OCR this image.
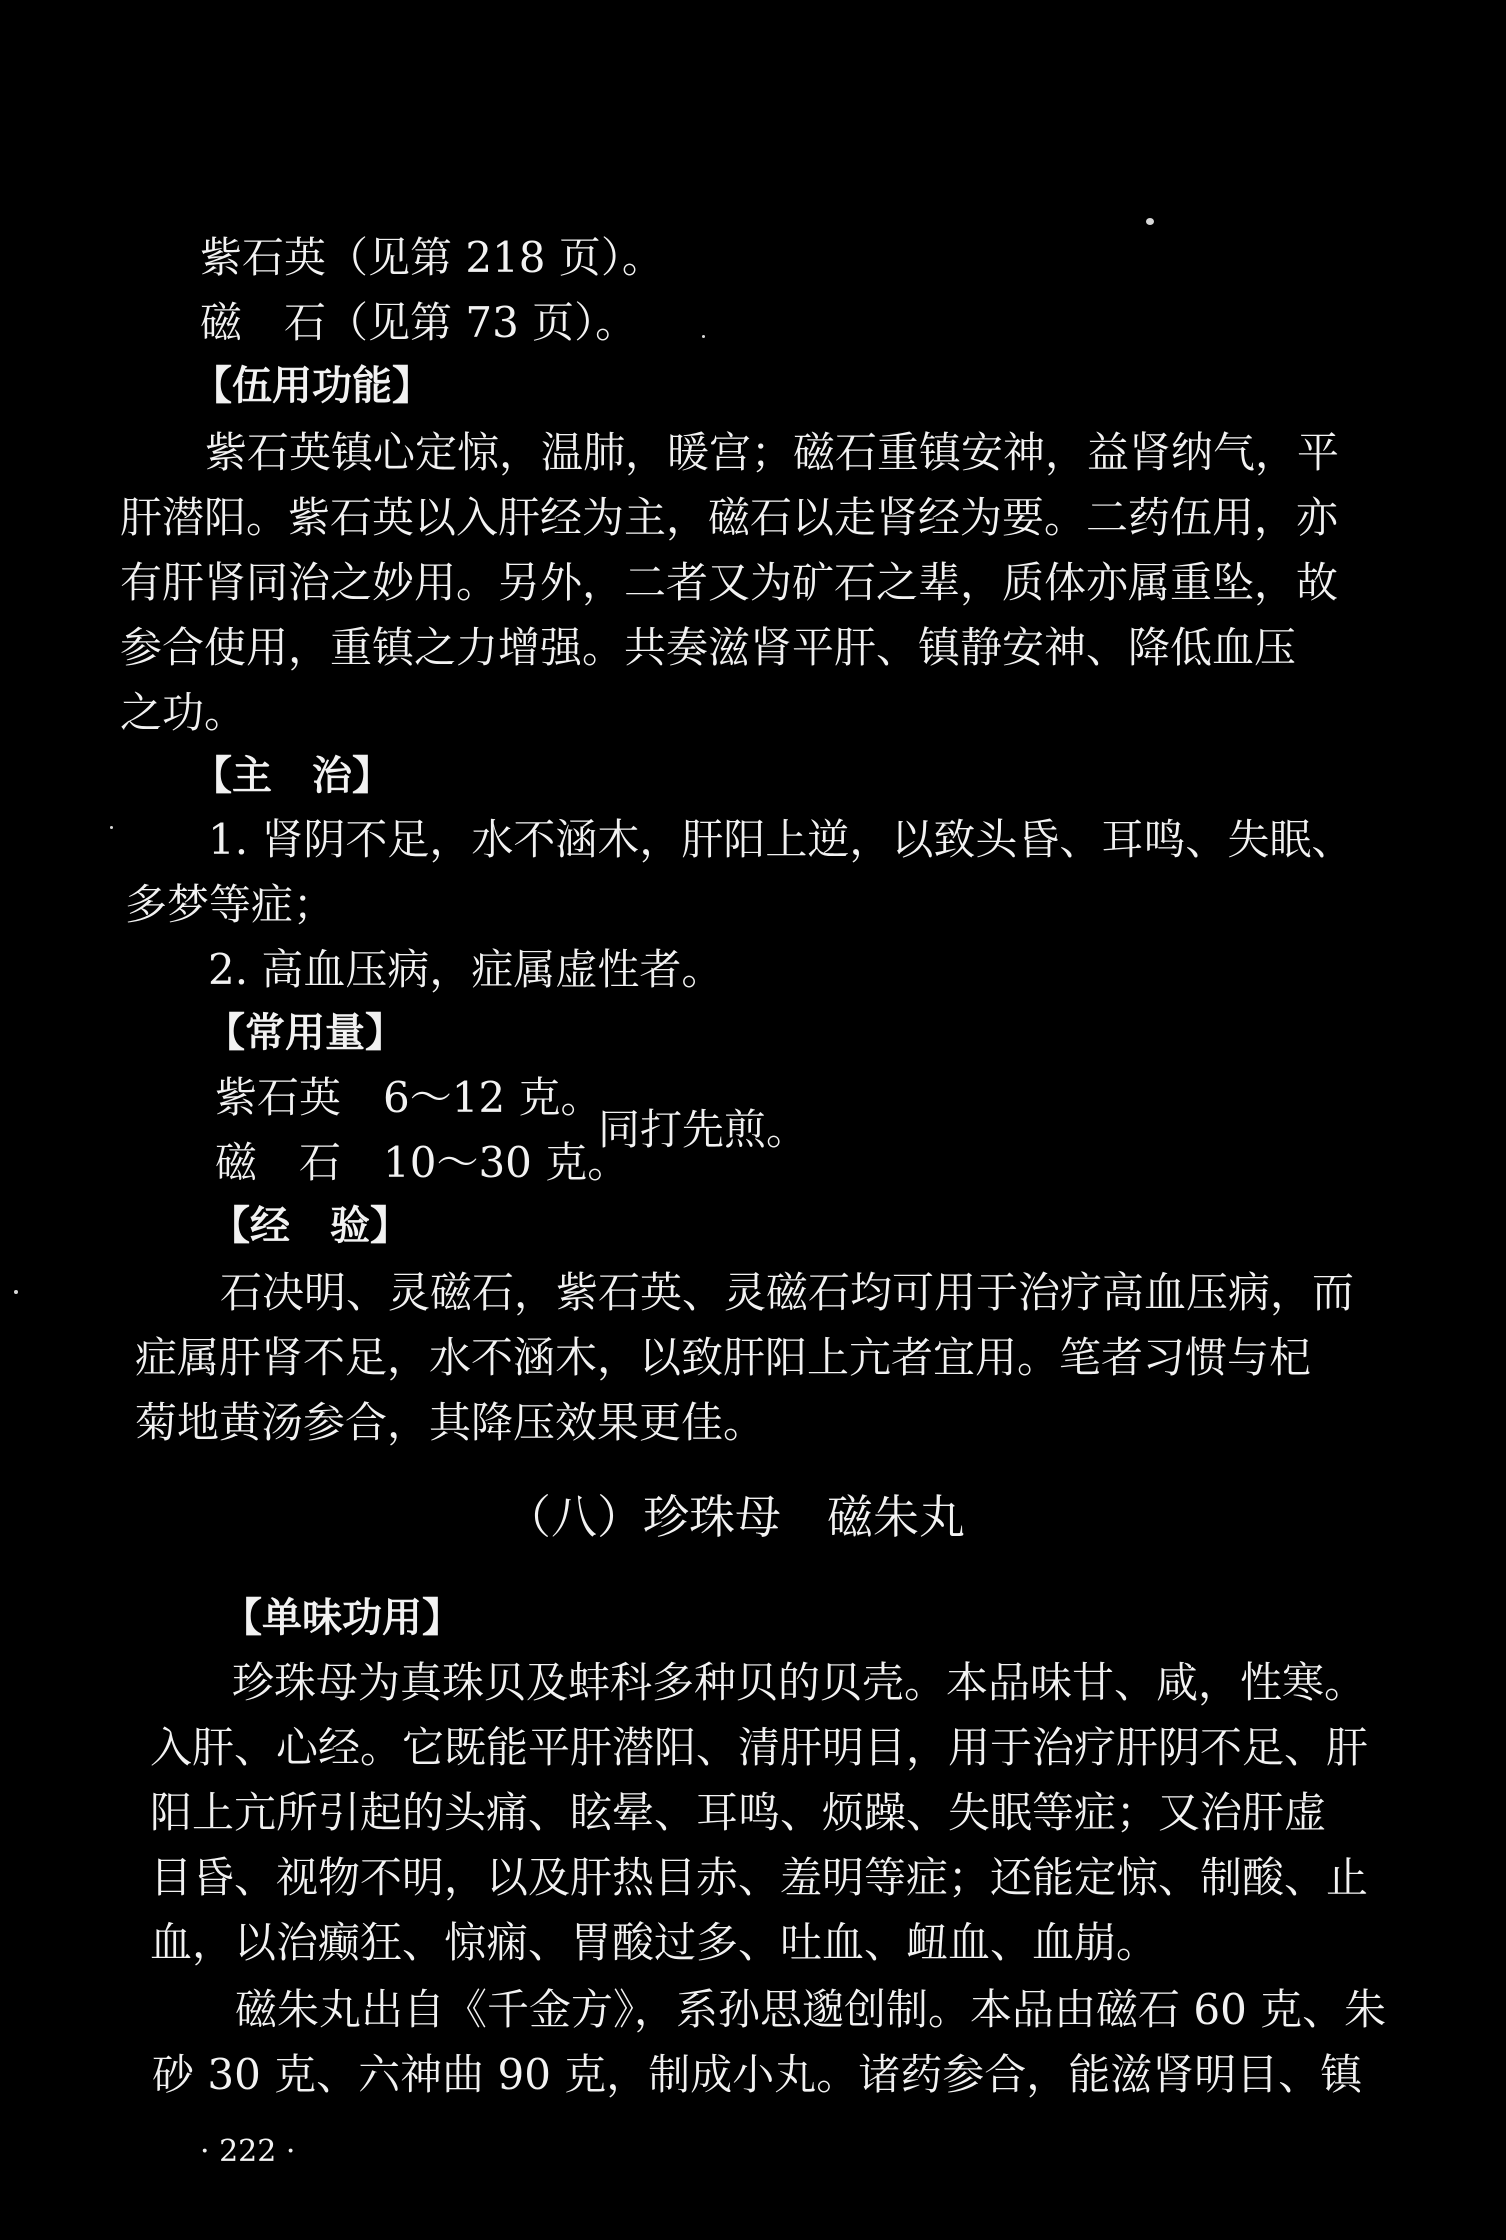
紫石英（见第 218 页）。
磁　石（见第 73 页）。
【伍用功能】
紫石英镇心定惊，温肺，暖宫；磁石重镇安神，益肾纳气，平
肝潜阳。紫石英以入肝经为主，磁石以走肾经为要。二药伍用，亦
有肝肾同治之妙用。另外，二者又为矿石之辈，质体亦属重坠，故
参合使用，重镇之力增强。共奏滋肾平肝、镇静安神、降低血压
之功。
【主　治】
1. 肾阴不足，水不涵木，肝阳上逆，以致头昏、耳鸣、失眠、
多梦等症；
2. 高血压病，症属虚性者。
【常用量】
紫石英　6～12 克。
磁　石　10～30 克。
同打先煎。
【经　验】
石决明、灵磁石，紫石英、灵磁石均可用于治疗高血压病，而
症属肝肾不足，水不涵木，以致肝阳上亢者宜用。笔者习惯与杞
菊地黄汤参合，其降压效果更佳。
（八）珍珠母　磁朱丸
【单味功用】
珍珠母为真珠贝及蚌科多种贝的贝壳。本品味甘、咸，性寒。
入肝、心经。它既能平肝潜阳、清肝明目，用于治疗肝阴不足、肝
阳上亢所引起的头痛、眩晕、耳鸣、烦躁、失眠等症；又治肝虚
目昏、视物不明，以及肝热目赤、羞明等症；还能定惊、制酸、止
血，以治癫狂、惊痫、胃酸过多、吐血、衄血、血崩。
磁朱丸出自《千金方》，系孙思邈创制。本品由磁石 60 克、朱
砂 30 克、六神曲 90 克，制成小丸。诸药参合，能滋肾明目、镇
· 222 ·
